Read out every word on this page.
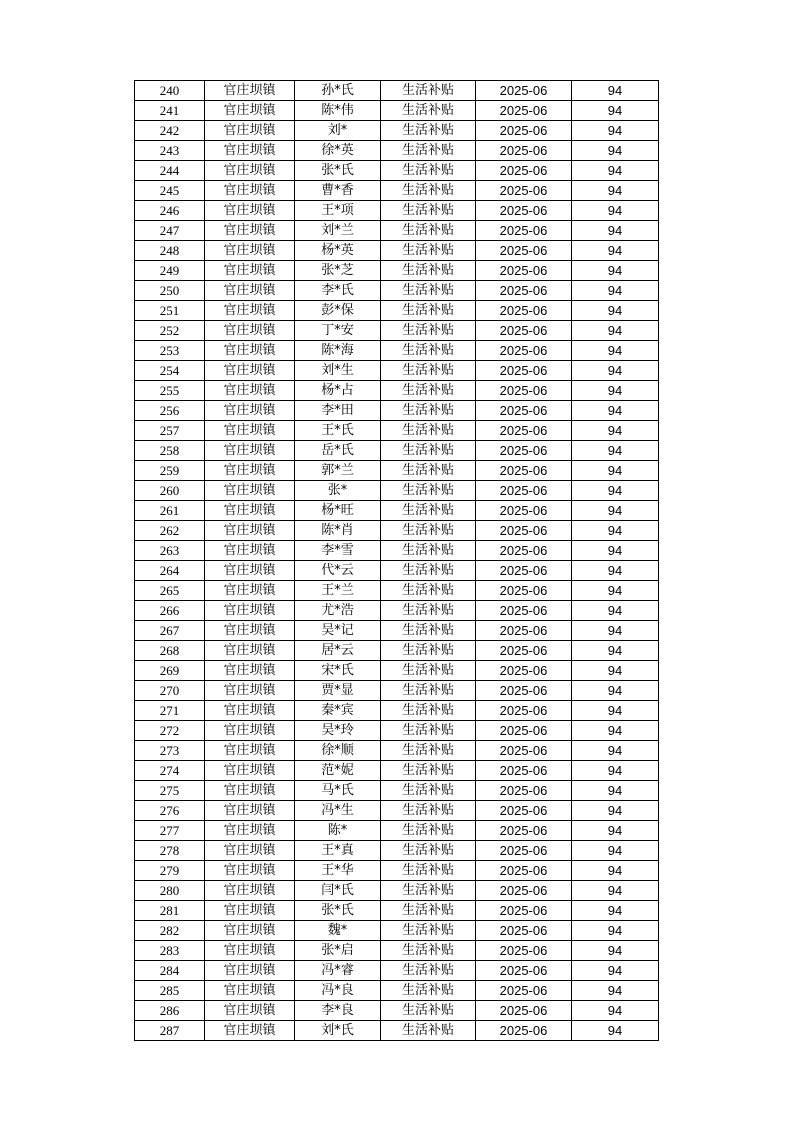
240	官庄坝镇	孙*氏	生活补贴	2025-06	94
241	官庄坝镇	陈*伟	生活补贴	2025-06	94
242	官庄坝镇	刘*	生活补贴	2025-06	94
243	官庄坝镇	徐*英	生活补贴	2025-06	94
244	官庄坝镇	张*氏	生活补贴	2025-06	94
245	官庄坝镇	曹*香	生活补贴	2025-06	94
246	官庄坝镇	王*项	生活补贴	2025-06	94
247	官庄坝镇	刘*兰	生活补贴	2025-06	94
248	官庄坝镇	杨*英	生活补贴	2025-06	94
249	官庄坝镇	张*芝	生活补贴	2025-06	94
250	官庄坝镇	李*氏	生活补贴	2025-06	94
251	官庄坝镇	彭*保	生活补贴	2025-06	94
252	官庄坝镇	丁*安	生活补贴	2025-06	94
253	官庄坝镇	陈*海	生活补贴	2025-06	94
254	官庄坝镇	刘*生	生活补贴	2025-06	94
255	官庄坝镇	杨*占	生活补贴	2025-06	94
256	官庄坝镇	李*田	生活补贴	2025-06	94
257	官庄坝镇	王*氏	生活补贴	2025-06	94
258	官庄坝镇	岳*氏	生活补贴	2025-06	94
259	官庄坝镇	郭*兰	生活补贴	2025-06	94
260	官庄坝镇	张*	生活补贴	2025-06	94
261	官庄坝镇	杨*旺	生活补贴	2025-06	94
262	官庄坝镇	陈*肖	生活补贴	2025-06	94
263	官庄坝镇	李*雪	生活补贴	2025-06	94
264	官庄坝镇	代*云	生活补贴	2025-06	94
265	官庄坝镇	王*兰	生活补贴	2025-06	94
266	官庄坝镇	尤*浩	生活补贴	2025-06	94
267	官庄坝镇	吴*记	生活补贴	2025-06	94
268	官庄坝镇	居*云	生活补贴	2025-06	94
269	官庄坝镇	宋*氏	生活补贴	2025-06	94
270	官庄坝镇	贾*显	生活补贴	2025-06	94
271	官庄坝镇	秦*宾	生活补贴	2025-06	94
272	官庄坝镇	吴*玲	生活补贴	2025-06	94
273	官庄坝镇	徐*顺	生活补贴	2025-06	94
274	官庄坝镇	范*妮	生活补贴	2025-06	94
275	官庄坝镇	马*氏	生活补贴	2025-06	94
276	官庄坝镇	冯*生	生活补贴	2025-06	94
277	官庄坝镇	陈*	生活补贴	2025-06	94
278	官庄坝镇	王*真	生活补贴	2025-06	94
279	官庄坝镇	王*华	生活补贴	2025-06	94
280	官庄坝镇	闫*氏	生活补贴	2025-06	94
281	官庄坝镇	张*氏	生活补贴	2025-06	94
282	官庄坝镇	魏*	生活补贴	2025-06	94
283	官庄坝镇	张*启	生活补贴	2025-06	94
284	官庄坝镇	冯*睿	生活补贴	2025-06	94
285	官庄坝镇	冯*良	生活补贴	2025-06	94
286	官庄坝镇	李*良	生活补贴	2025-06	94
287	官庄坝镇	刘*氏	生活补贴	2025-06	94
